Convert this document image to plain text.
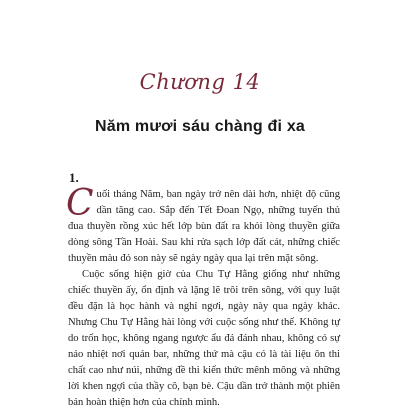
Chương 14
Năm mươi sáu chàng đi xa
1.

Cuối tháng Năm, ban ngày trở nên dài hơn, nhiệt độ cũng dần tăng cao. Sắp đến Tết Đoan Ngọ, những tuyến thủ đua thuyền rồng xúc hết lớp bùn đất ra khỏi lòng thuyền giữa dòng sông Tần Hoài. Sau khi rửa sạch lớp đất cát, những chiếc thuyền màu đỏ son này sẽ ngày ngày qua lại trên mặt sông.

Cuộc sống hiện giờ của Chu Tự Hằng giống như những chiếc thuyền ấy, ổn định và lặng lẽ trôi trên sông, với quy luật đều đặn là học hành và nghỉ ngơi, ngày này qua ngày khác. Nhưng Chu Tự Hằng hài lòng với cuộc sống như thế. Không tự do trốn học, không ngang ngược ẩu đả đánh nhau, không có sự náo nhiệt nơi quán bar, những thứ mà cậu có là tài liệu ôn thi chất cao như núi, những đề thi kiến thức mênh mông và những lời khen ngợi của thầy cô, bạn bè. Cậu dần trở thành một phiên bản hoàn thiện hơn của chính mình.
